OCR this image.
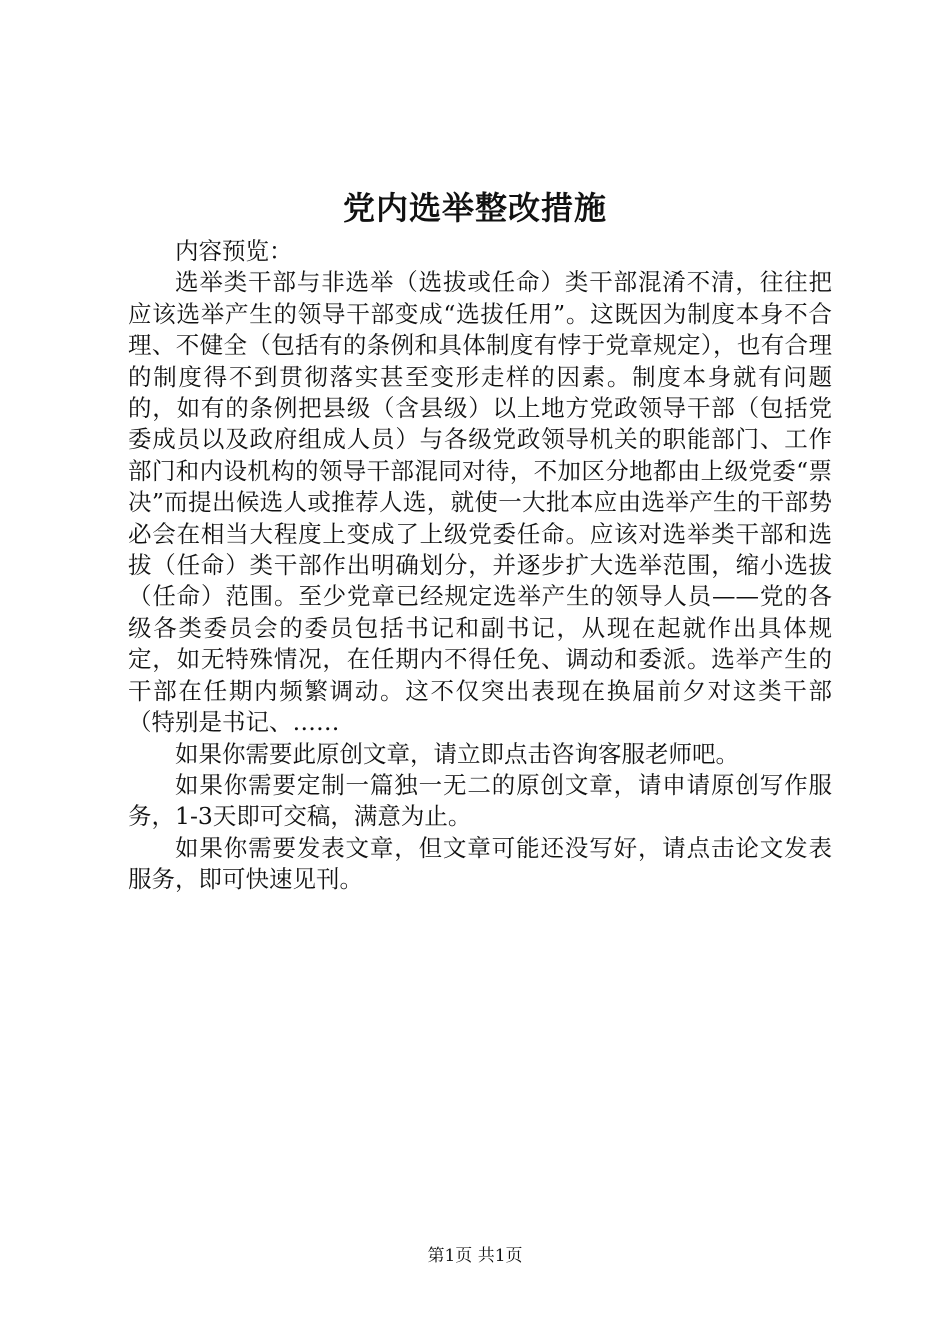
党内选举整改措施

内容预览：

选举类干部与非选举（选拔或任命）类干部混淆不清，往往把应该选举产生的领导干部变成“选拔任用”。这既因为制度本身不合理、不健全（包括有的条例和具体制度有悖于党章规定），也有合理的制度得不到贯彻落实甚至变形走样的因素。制度本身就有问题的，如有的条例把县级（含县级）以上地方党政领导干部（包括党委成员以及政府组成人员）与各级党政领导机关的职能部门、工作部门和内设机构的领导干部混同对待，不加区分地都由上级党委“票决”而提出候选人或推荐人选，就使一大批本应由选举产生的干部势必会在相当大程度上变成了上级党委任命。应该对选举类干部和选拔（任命）类干部作出明确划分，并逐步扩大选举范围，缩小选拔（任命）范围。至少党章已经规定选举产生的领导人员——党的各级各类委员会的委员包括书记和副书记，从现在起就作出具体规定，如无特殊情况，在任期内不得任免、调动和委派。选举产生的干部在任期内频繁调动。这不仅突出表现在换届前夕对这类干部（特别是书记、……

如果你需要此原创文章，请立即点击咨询客服老师吧。

如果你需要定制一篇独一无二的原创文章，请申请原创写作服务，1-3天即可交稿，满意为止。

如果你需要发表文章，但文章可能还没写好，请点击论文发表服务，即可快速见刊。

第1页 共1页
